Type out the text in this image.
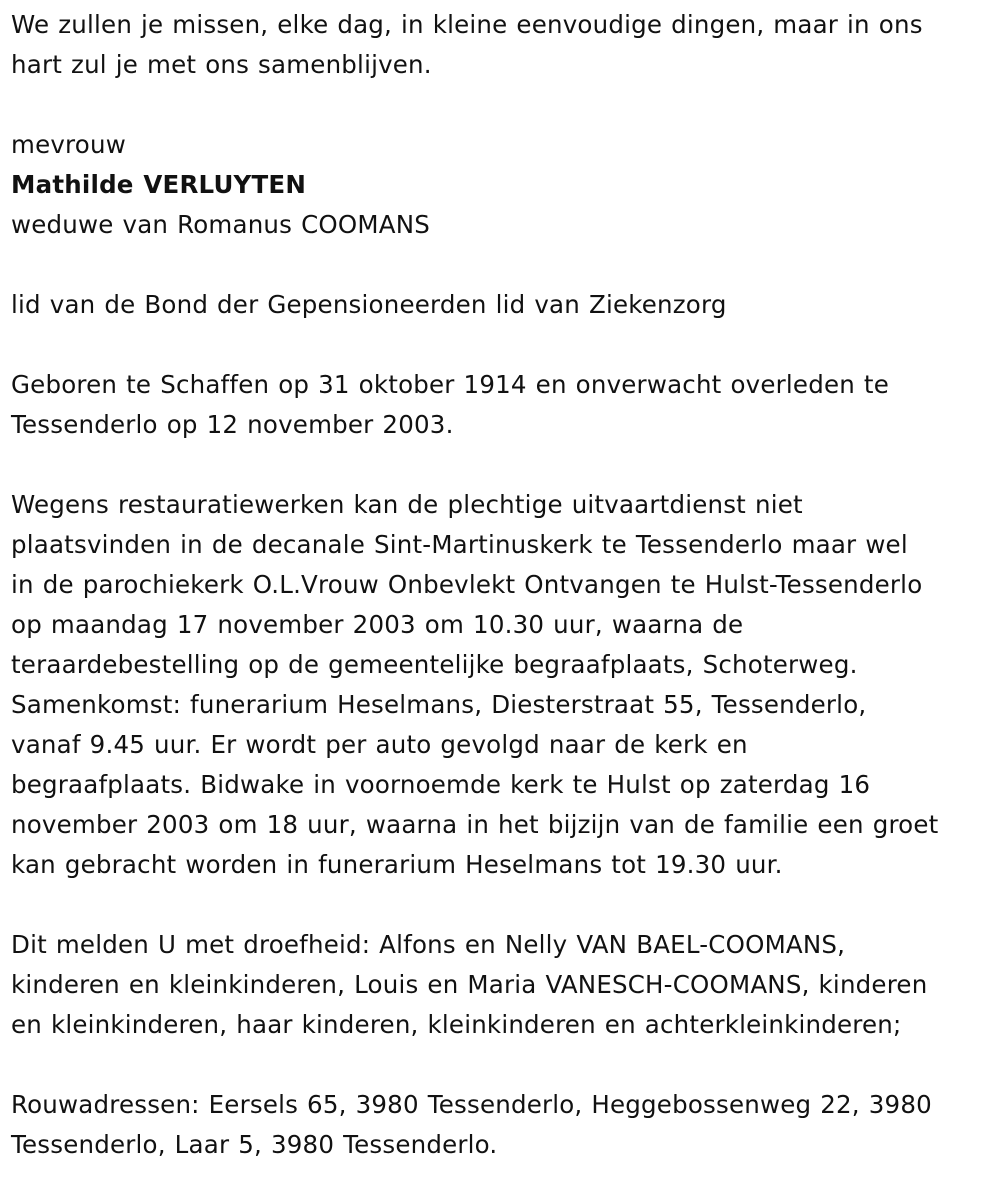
We zullen je missen, elke dag, in kleine eenvoudige dingen, maar in ons
hart zul je met ons samenblijven.
mevrouw
Mathilde VERLUYTEN
weduwe van Romanus COOMANS
lid van de Bond der Gepensioneerden lid van Ziekenzorg
Geboren te Schaffen op 31 oktober 1914 en onverwacht overleden te
Tessenderlo op 12 november 2003.
Wegens restauratiewerken kan de plechtige uitvaartdienst niet
plaatsvinden in de decanale Sint-Martinuskerk te Tessenderlo maar wel
in de parochiekerk O.L.Vrouw Onbevlekt Ontvangen te Hulst-Tessenderlo
op maandag 17 november 2003 om 10.30 uur, waarna de
teraardebestelling op de gemeentelijke begraafplaats, Schoterweg.
Samenkomst: funerarium Heselmans, Diesterstraat 55, Tessenderlo,
vanaf 9.45 uur. Er wordt per auto gevolgd naar de kerk en
begraafplaats. Bidwake in voornoemde kerk te Hulst op zaterdag 16
november 2003 om 18 uur, waarna in het bijzijn van de familie een groet
kan gebracht worden in funerarium Heselmans tot 19.30 uur.
Dit melden U met droefheid: Alfons en Nelly VAN BAEL-COOMANS,
kinderen en kleinkinderen, Louis en Maria VANESCH-COOMANS, kinderen
en kleinkinderen, haar kinderen, kleinkinderen en achterkleinkinderen;
Rouwadressen: Eersels 65, 3980 Tessenderlo, Heggebossenweg 22, 3980
Tessenderlo, Laar 5, 3980 Tessenderlo.
